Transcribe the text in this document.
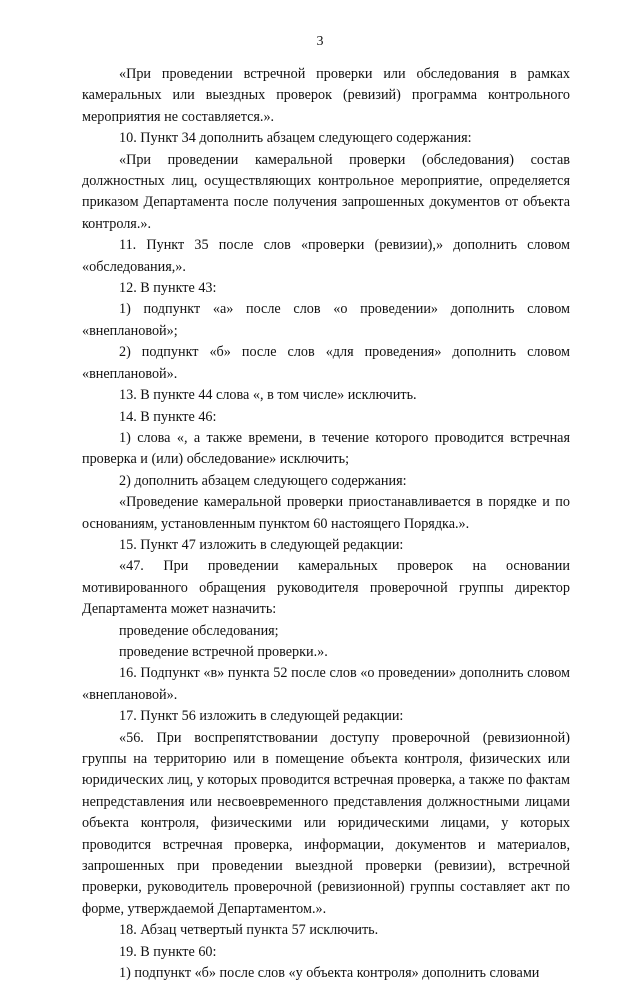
3

«При проведении встречной проверки или обследования в рамках камеральных или выездных проверок (ревизий) программа контрольного мероприятия не составляется.».

10. Пункт 34 дополнить абзацем следующего содержания:

«При проведении камеральной проверки (обследования) состав должностных лиц, осуществляющих контрольное мероприятие, определяется приказом Департамента после получения запрошенных документов от объекта контроля.».

11. Пункт 35 после слов «проверки (ревизии),» дополнить словом «обследования,».

12. В пункте 43:

1) подпункт «а» после слов «о проведении» дополнить словом «внеплановой»;

2) подпункт «б» после слов «для проведения» дополнить словом «внеплановой».

13. В пункте 44 слова «, в том числе» исключить.

14. В пункте 46:

1) слова «, а также времени, в течение которого проводится встречная проверка и (или) обследование» исключить;

2) дополнить абзацем следующего содержания:

«Проведение камеральной проверки приостанавливается в порядке и по основаниям, установленным пунктом 60 настоящего Порядка.».

15. Пункт 47 изложить в следующей редакции:

«47. При проведении камеральных проверок на основании мотивированного обращения руководителя проверочной группы директор Департамента может назначить:

проведение обследования;

проведение встречной проверки.».

16. Подпункт «в» пункта 52 после слов «о проведении» дополнить словом «внеплановой».

17. Пункт 56 изложить в следующей редакции:

«56. При воспрепятствовании доступу проверочной (ревизионной) группы на территорию или в помещение объекта контроля, физических или юридических лиц, у которых проводится встречная проверка, а также по фактам непредставления или несвоевременного представления должностными лицами объекта контроля, физическими или юридическими лицами, у которых проводится встречная проверка, информации, документов и материалов, запрошенных при проведении выездной проверки (ревизии), встречной проверки, руководитель проверочной (ревизионной) группы составляет акт по форме, утверждаемой Департаментом.».

18. Абзац четвертый пункта 57 исключить.

19. В пункте 60:

1) подпункт «б» после слов «у объекта контроля» дополнить словами
